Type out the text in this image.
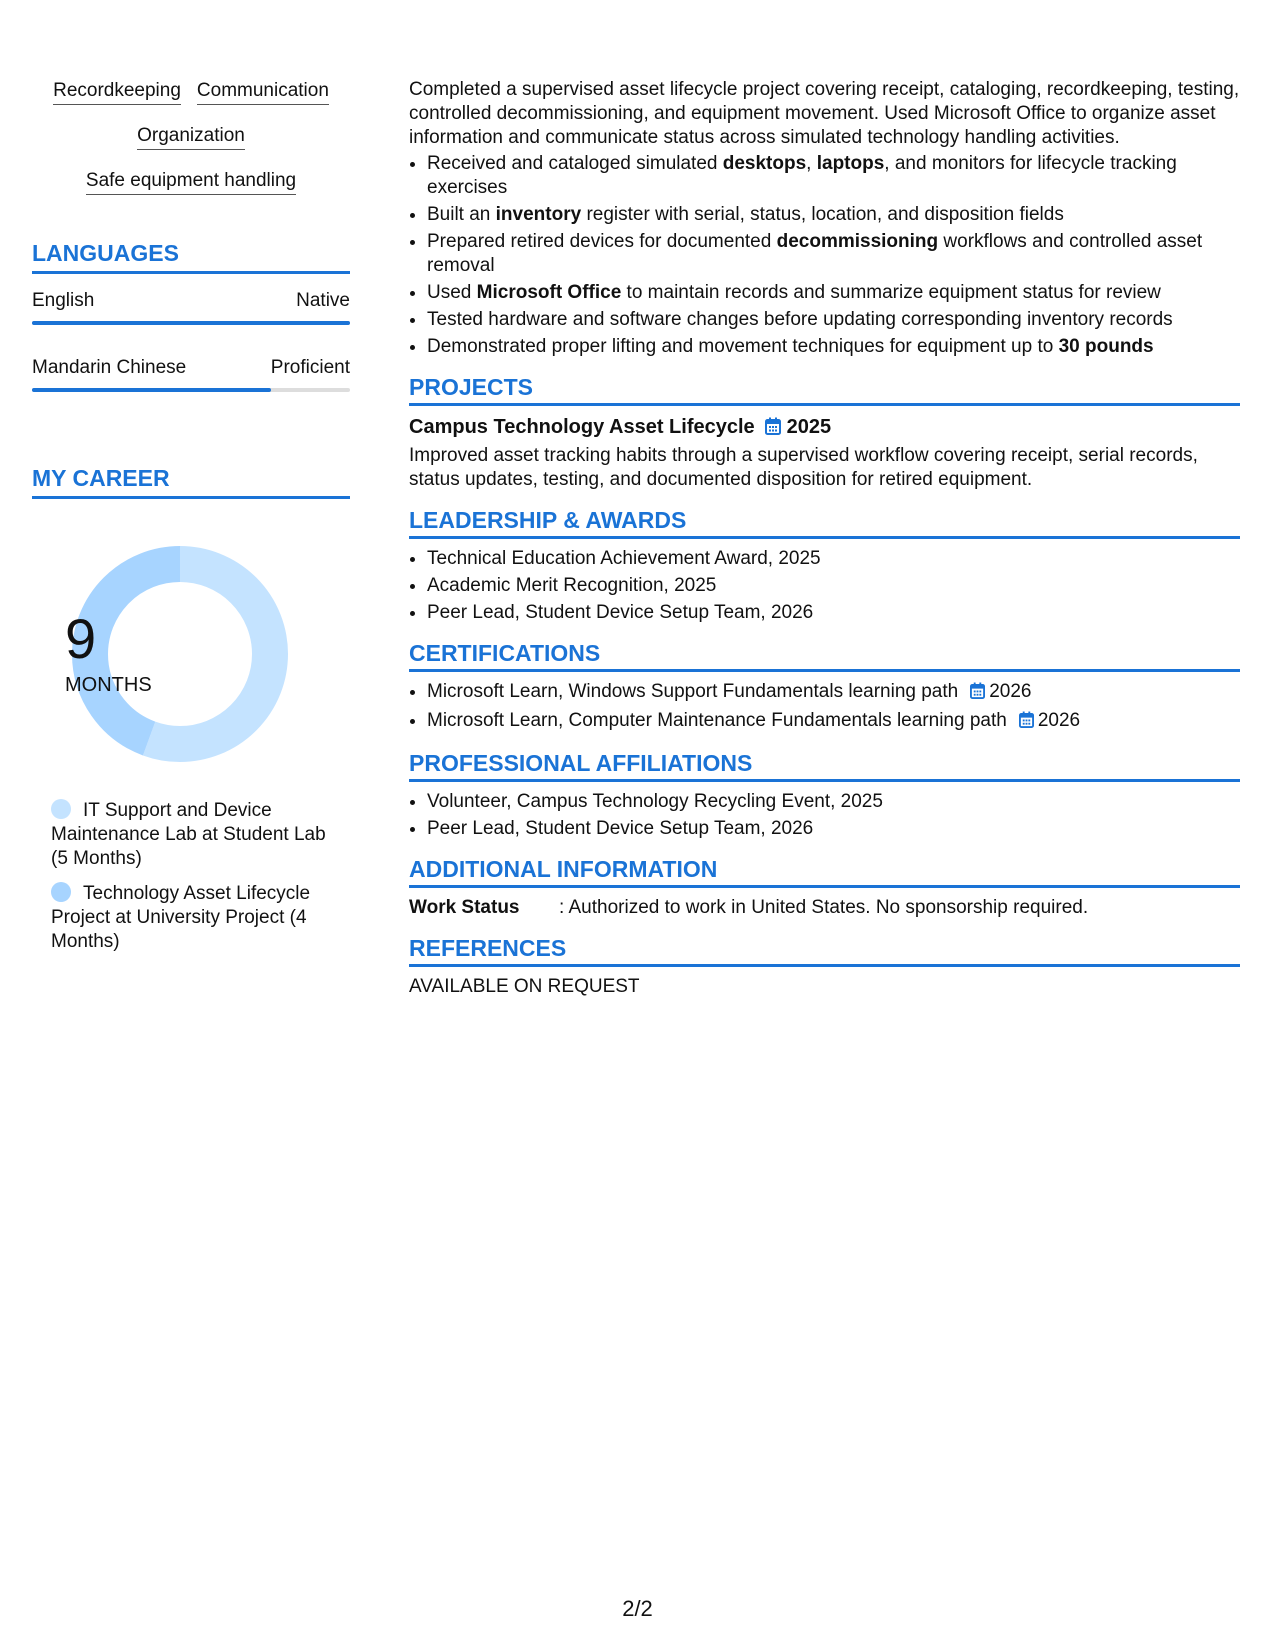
Recordkeeping Communication
Organization
Safe equipment handling
LANGUAGES
English	Native
Mandarin Chinese	Proficient
MY CAREER
9
MONTHS
IT Support and Device Maintenance Lab at Student Lab (5 Months)
Technology Asset Lifecycle Project at University Project (4 Months)

Completed a supervised asset lifecycle project covering receipt, cataloging, recordkeeping, testing, controlled decommissioning, and equipment movement. Used Microsoft Office to organize asset information and communicate status across simulated technology handling activities.

• Received and cataloged simulated desktops, laptops, and monitors for lifecycle tracking exercises
• Built an inventory register with serial, status, location, and disposition fields
• Prepared retired devices for documented decommissioning workflows and controlled asset removal
• Used Microsoft Office to maintain records and summarize equipment status for review
• Tested hardware and software changes before updating corresponding inventory records
• Demonstrated proper lifting and movement techniques for equipment up to 30 pounds
PROJECTS
Campus Technology Asset Lifecycle 2025

Improved asset tracking habits through a supervised workflow covering receipt, serial records, status updates, testing, and documented disposition for retired equipment.

LEADERSHIP & AWARDS
• Technical Education Achievement Award, 2025
• Academic Merit Recognition, 2025
• Peer Lead, Student Device Setup Team, 2026
CERTIFICATIONS
• Microsoft Learn, Windows Support Fundamentals learning path 2026
• Microsoft Learn, Computer Maintenance Fundamentals learning path 2026
PROFESSIONAL AFFILIATIONS
• Volunteer, Campus Technology Recycling Event, 2025
• Peer Lead, Student Device Setup Team, 2026
ADDITIONAL INFORMATION
Work Status	: Authorized to work in United States. No sponsorship required.
REFERENCES
AVAILABLE ON REQUEST
2/2
